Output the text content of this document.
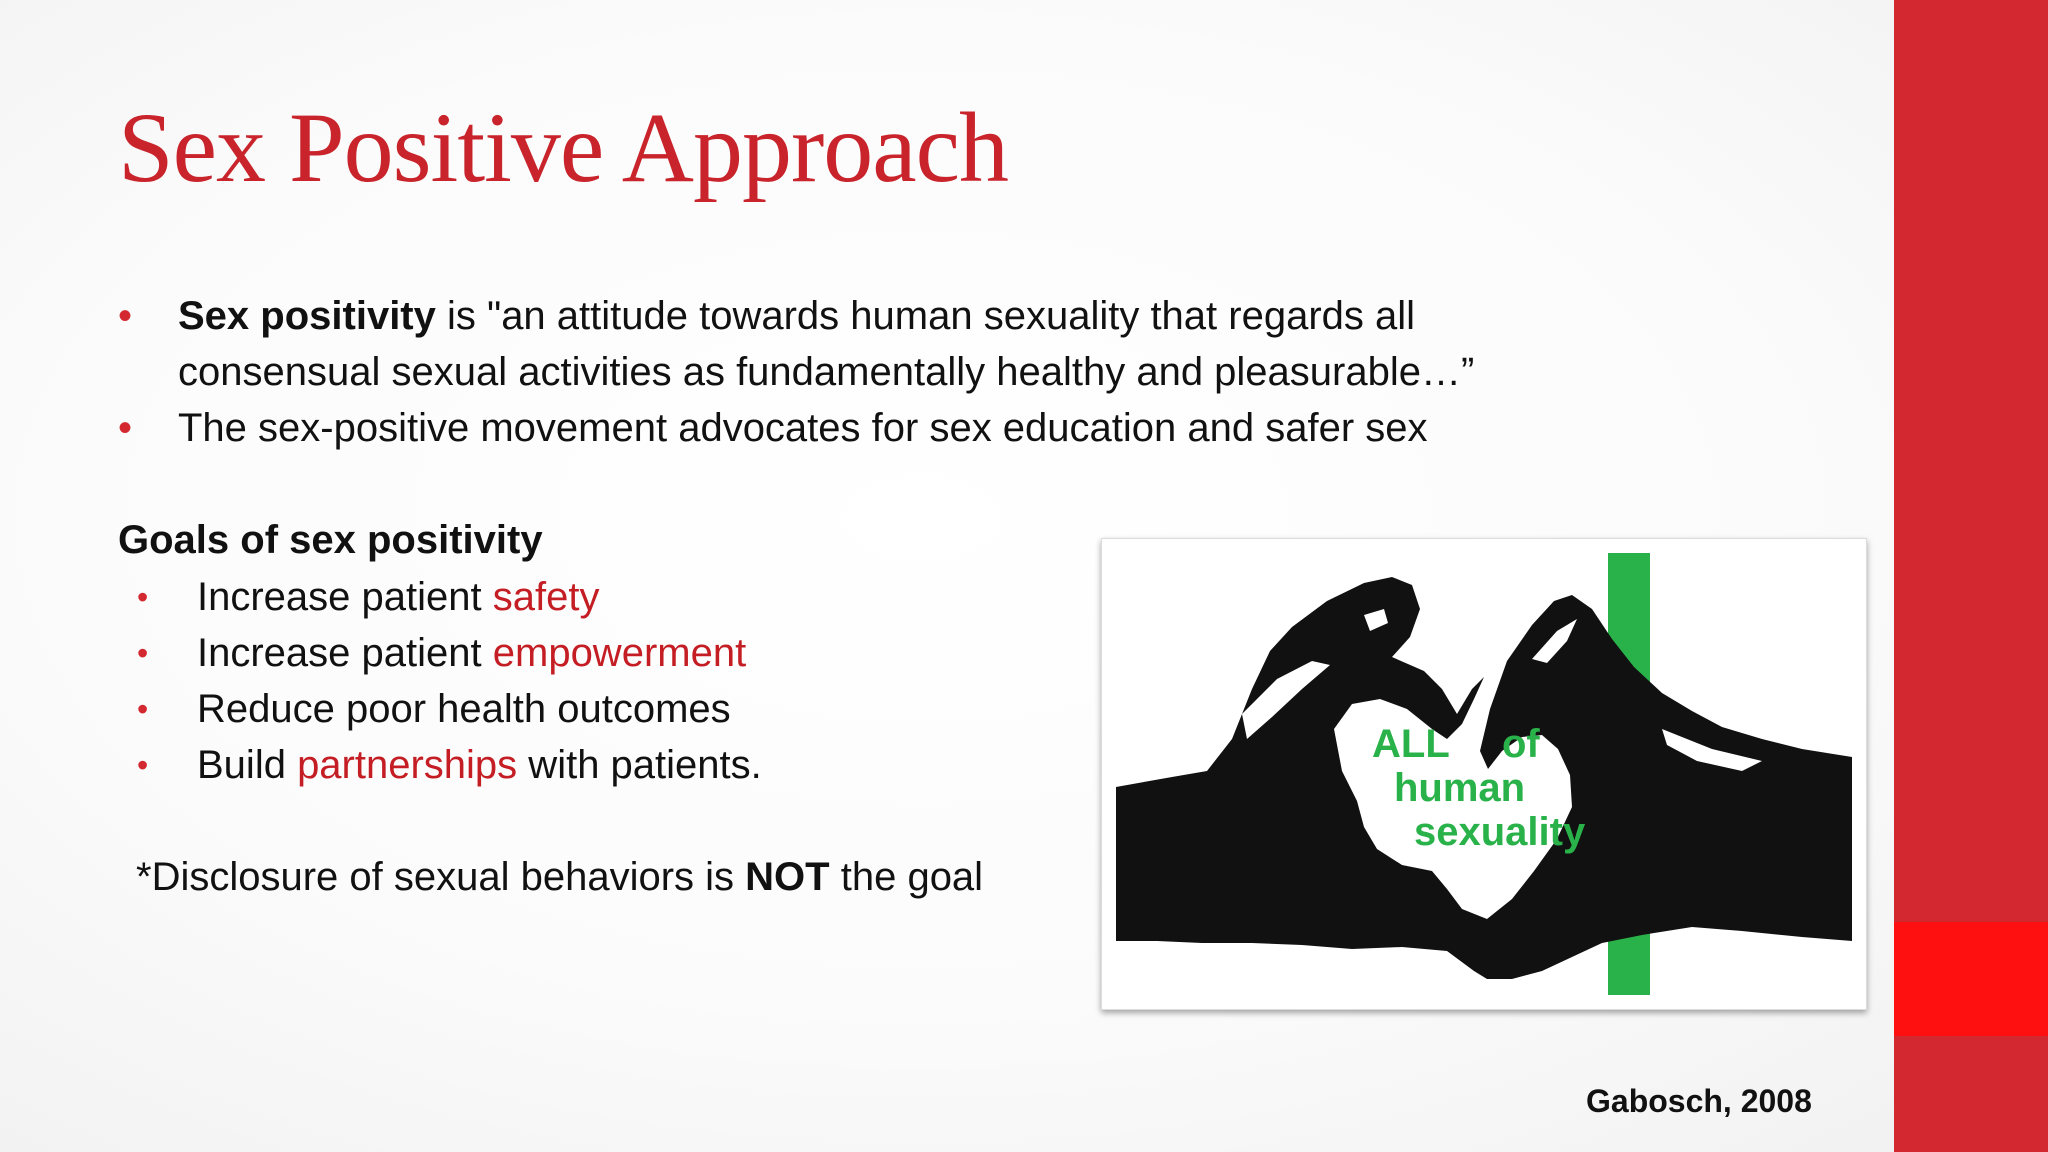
Sex Positive Approach
• Sex positivity is "an attitude towards human sexuality that regards all consensual sexual activities as fundamentally healthy and pleasurable…”
• The sex-positive movement advocates for sex education and safer sex

Goals of sex positivity

• Increase patient safety
• Increase patient empowerment
• Reduce poor health outcomes
• Build partnerships with patients.

*Disclosure of sexual behaviors is NOT the goal

ALL of
human
sexuality

Gabosch, 2008
